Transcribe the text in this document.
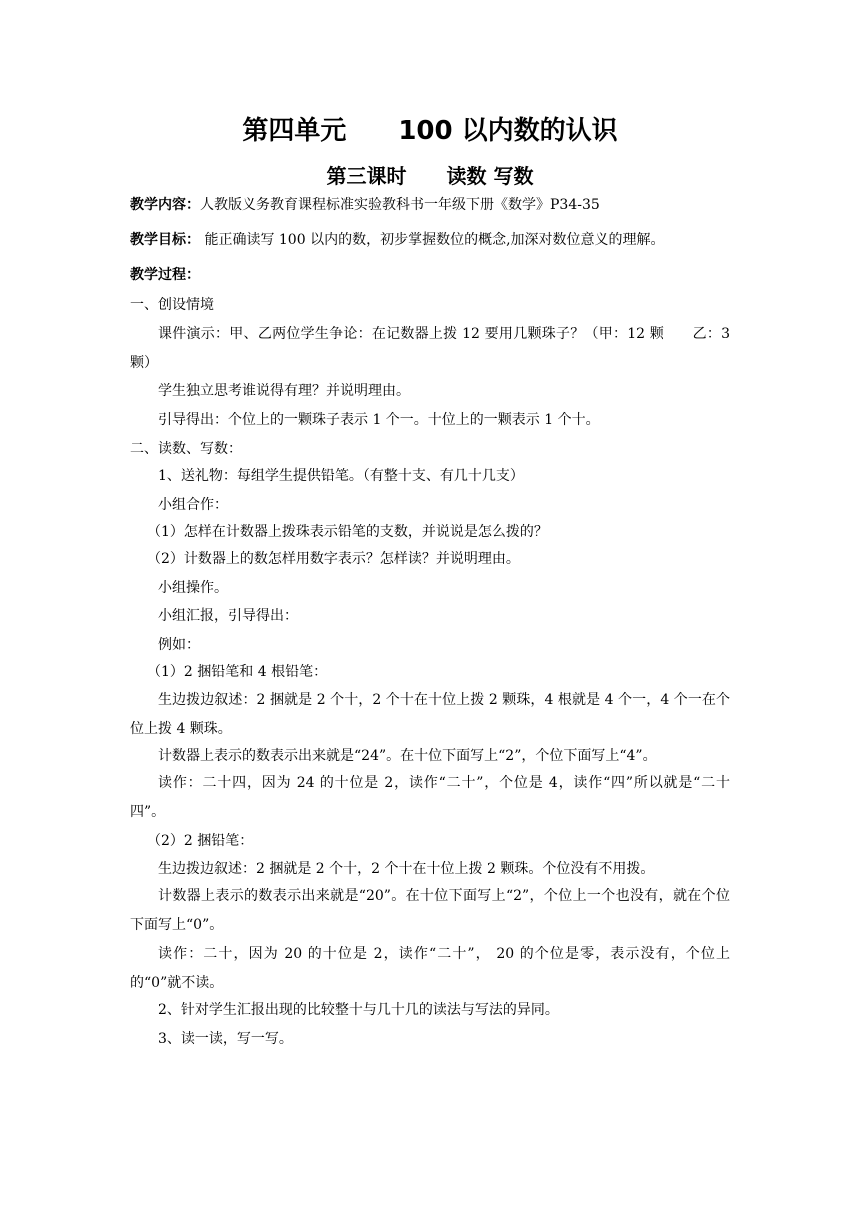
第四单元　　100 以内数的认识
第三课时　　读数 写数
教学内容：人教版义务教育课程标准实验教科书一年级下册《数学》P34-35
教学目标： 能正确读写 100 以内的数，初步掌握数位的概念,加深对数位意义的理解。
教学过程：
一、创设情境
课件演示：甲、乙两位学生争论：在记数器上拨 12 要用几颗珠子？（甲：12 颗　　乙：3 颗）
学生独立思考谁说得有理？并说明理由。
引导得出：个位上的一颗珠子表示 1 个一。十位上的一颗表示 1 个十。
二、读数、写数：
1、送礼物：每组学生提供铅笔。（有整十支、有几十几支）
小组合作：
（1）怎样在计数器上拨珠表示铅笔的支数，并说说是怎么拨的？
（2）计数器上的数怎样用数字表示？怎样读？并说明理由。
小组操作。
小组汇报，引导得出：
例如：
（1）2 捆铅笔和 4 根铅笔：
生边拨边叙述：2 捆就是 2 个十，2 个十在十位上拨 2 颗珠，4 根就是 4 个一，4 个一在个位上拨 4 颗珠。
计数器上表示的数表示出来就是“24”。在十位下面写上“2”，个位下面写上“4”。
读作：二十四，因为 24 的十位是 2，读作“二十”，个位是 4，读作“四”所以就是“二十四”。
（2）2 捆铅笔：
生边拨边叙述：2 捆就是 2 个十，2 个十在十位上拨 2 颗珠。个位没有不用拨。
计数器上表示的数表示出来就是“20”。在十位下面写上“2”，个位上一个也没有，就在个位下面写上“0”。
读作：二十，因为 20 的十位是 2，读作“二十”， 20 的个位是零，表示没有，个位上的“0”就不读。
2、针对学生汇报出现的比较整十与几十几的读法与写法的异同。
3、读一读，写一写。
